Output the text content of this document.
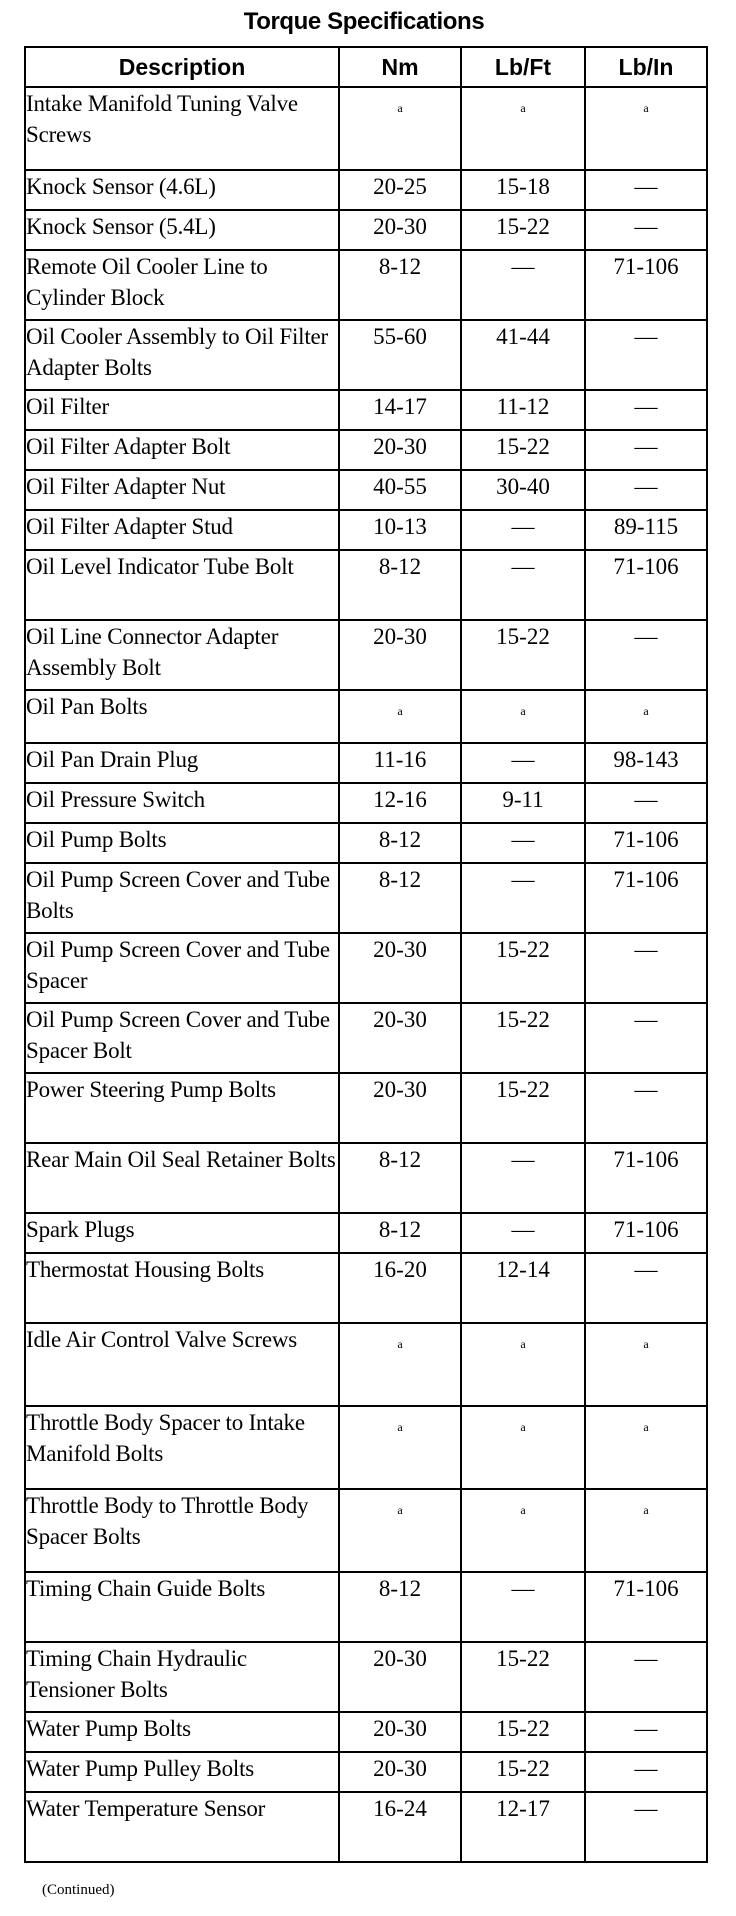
Torque Specifications
Description	Nm	Lb/Ft	Lb/In
Intake Manifold Tuning Valve Screws	a	a	a
Knock Sensor (4.6L)	20-25	15-18	—
Knock Sensor (5.4L)	20-30	15-22	—
Remote Oil Cooler Line to Cylinder Block	8-12	—	71-106
Oil Cooler Assembly to Oil Filter Adapter Bolts	55-60	41-44	—
Oil Filter	14-17	11-12	—
Oil Filter Adapter Bolt	20-30	15-22	—
Oil Filter Adapter Nut	40-55	30-40	—
Oil Filter Adapter Stud	10-13	—	89-115
Oil Level Indicator Tube Bolt	8-12	—	71-106
Oil Line Connector Adapter Assembly Bolt	20-30	15-22	—
Oil Pan Bolts	a	a	a
Oil Pan Drain Plug	11-16	—	98-143
Oil Pressure Switch	12-16	9-11	—
Oil Pump Bolts	8-12	—	71-106
Oil Pump Screen Cover and Tube Bolts	8-12	—	71-106
Oil Pump Screen Cover and Tube Spacer	20-30	15-22	—
Oil Pump Screen Cover and Tube Spacer Bolt	20-30	15-22	—
Power Steering Pump Bolts	20-30	15-22	—
Rear Main Oil Seal Retainer Bolts	8-12	—	71-106
Spark Plugs	8-12	—	71-106
Thermostat Housing Bolts	16-20	12-14	—
Idle Air Control Valve Screws	a	a	a
Throttle Body Spacer to Intake Manifold Bolts	a	a	a
Throttle Body to Throttle Body Spacer Bolts	a	a	a
Timing Chain Guide Bolts	8-12	—	71-106
Timing Chain Hydraulic Tensioner Bolts	20-30	15-22	—
Water Pump Bolts	20-30	15-22	—
Water Pump Pulley Bolts	20-30	15-22	—
Water Temperature Sensor	16-24	12-17	—
(Continued)
